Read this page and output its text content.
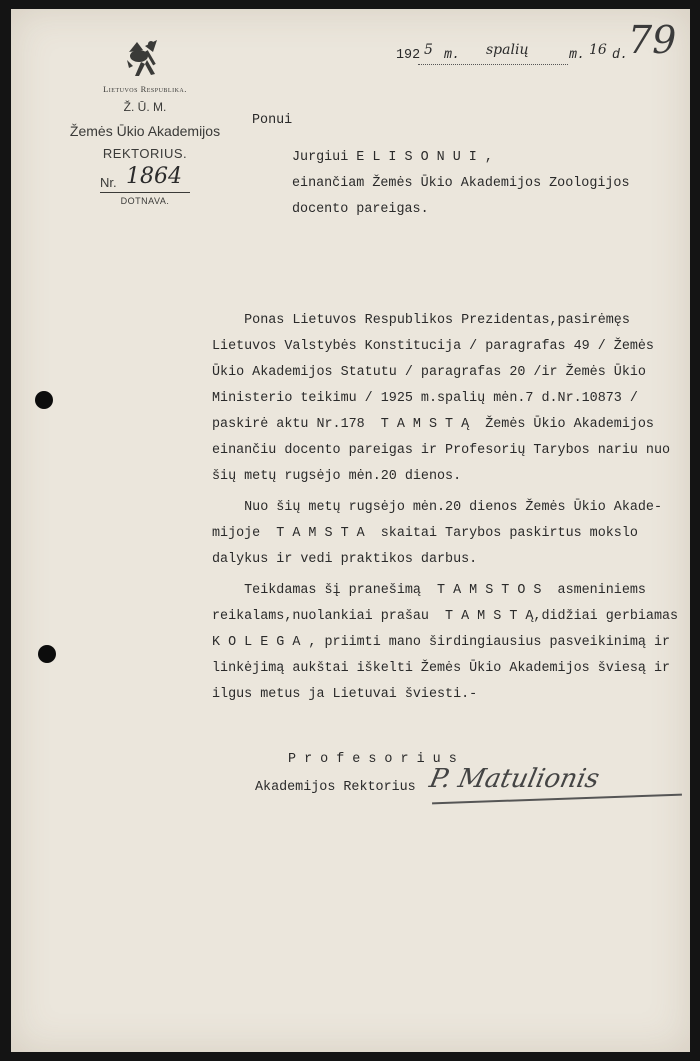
Lietuvos Respublika.
Ž. Ū. M.
Žemės Ūkio Akademijos
REKTORIUS.
Nr. 1864
DOTNAVA.
192 5 m. spalių	m. 16 d. 79
Ponui
Jurgiui E L I S O N U I ,
einančiam Žemės Ūkio Akademijos Zoologijos
docento pareigas.
Ponas Lietuvos Respublikos Prezidentas,pasirėmęs
Lietuvos Valstybės Konstitucija / paragrafas 49 / Žemės
Ūkio Akademijos Statutu / paragrafas 20 /ir Žemės Ūkio
Ministerio teikimu / 1925 m.spalių mėn.7 d.Nr.10873 /
paskirė aktu Nr.178  T A M S T Ą  Žemės Ūkio Akademijos
einančiu docento pareigas ir Profesorių Tarybos nariu nuo
šių metų rugsėjo mėn.20 dienos.
Nuo šių metų rugsėjo mėn.20 dienos Žemės Ūkio Akade-
mijoje  T A M S T A  skaitai Tarybos paskirtus mokslo
dalykus ir vedi praktikos darbus.
Teikdamas šį pranešimą  T A M S T O S  asmeniniems
reikalams,nuolankiai prašau  T A M S T Ą,didžiai gerbiamas
K O L E G A , priimti mano širdingiausius pasveikinimą ir
linkėjimą aukštai iškelti Žemės Ūkio Akademijos šviesą ir
ilgus metus ja Lietuvai šviesti.-
P r o f e s o r i u s
Akademijos Rektorius P. Matulionis
